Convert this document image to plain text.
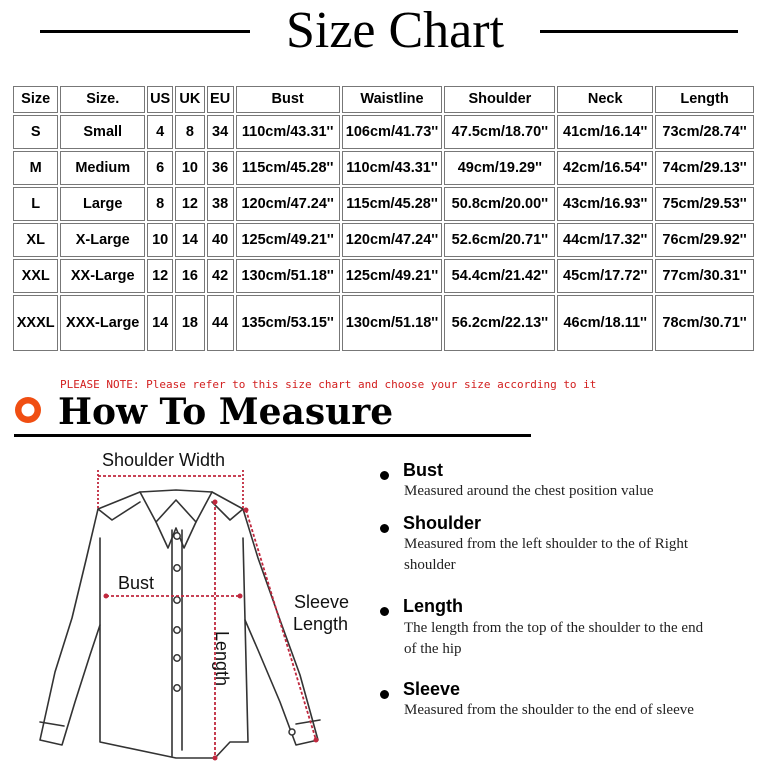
Size Chart
Size	Size.	US	UK	EU	Bust	Waistline	Shoulder	Neck	Length
S	Small	4	8	34	110cm/43.31''	106cm/41.73''	47.5cm/18.70''	41cm/16.14''	73cm/28.74''
M	Medium	6	10	36	115cm/45.28''	110cm/43.31''	49cm/19.29''	42cm/16.54''	74cm/29.13''
L	Large	8	12	38	120cm/47.24''	115cm/45.28''	50.8cm/20.00''	43cm/16.93''	75cm/29.53''
XL	X-Large	10	14	40	125cm/49.21''	120cm/47.24''	52.6cm/20.71''	44cm/17.32''	76cm/29.92''
XXL	XX-Large	12	16	42	130cm/51.18''	125cm/49.21''	54.4cm/21.42''	45cm/17.72''	77cm/30.31''
XXXL	XXX-Large	14	18	44	135cm/53.15''	130cm/51.18''	56.2cm/22.13''	46cm/18.11''	78cm/30.71''
PLEASE NOTE: Please refer to this size chart and choose your size according to it
How To Measure
Shoulder Width
Bust
Sleeve
Length
Length
Bust
Measured around the chest position value
Shoulder
Measured from the left shoulder to the of Right shoulder
Length
The length from the top of the shoulder to the end of the hip
Sleeve
Measured from the shoulder to the end of sleeve
